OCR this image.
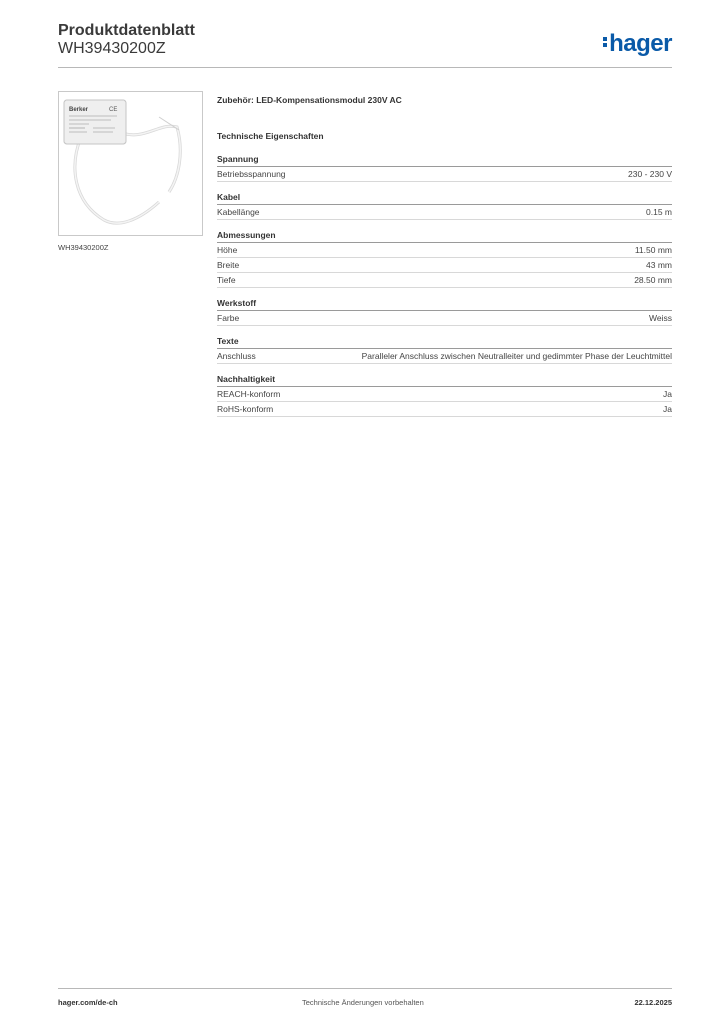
Produktdatenblatt
WH39430200Z	hager
Berker	CE
WH39430200Z
Zubehör: LED-Kompensationsmodul 230V AC
Technische Eigenschaften
Spannung
Betriebsspannung	230 - 230 V
Kabel
Kabellänge	0.15 m
Abmessungen
Höhe	11.50 mm
Breite	43 mm
Tiefe	28.50 mm
Werkstoff
Farbe	Weiss
Texte
Anschluss	Paralleler Anschluss zwischen Neutralleiter und gedimmter Phase der Leuchtmittel
Nachhaltigkeit
REACH-konform	Ja
RoHS-konform	Ja
hager.com/de-ch	Technische Änderungen vorbehalten	22.12.2025
